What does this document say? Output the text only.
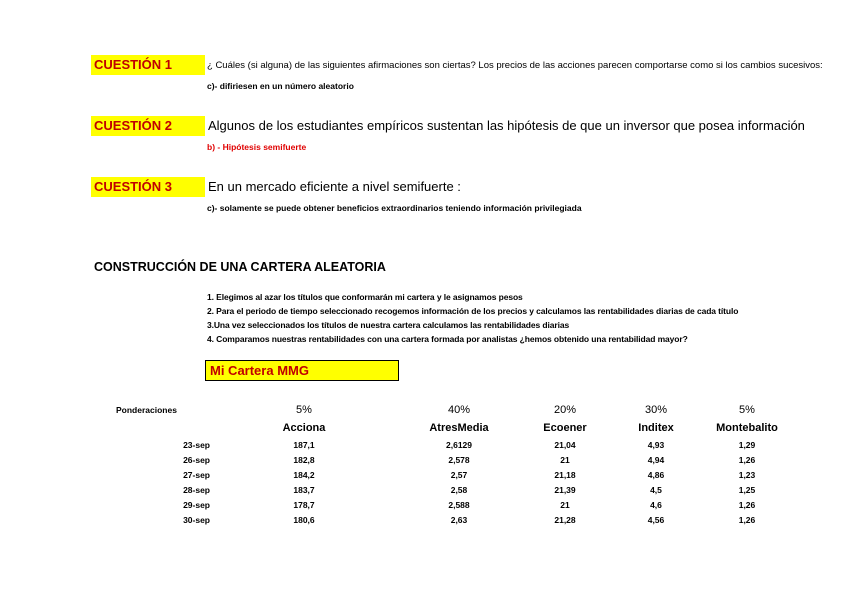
CUESTIÓN 1	¿ Cuáles (si alguna) de las siguientes afirmaciones son ciertas? Los precios de las acciones parecen comportarse como si los cambios sucesivos:
c)- difiriesen en un número aleatorio
CUESTIÓN 2	Algunos de los estudiantes empíricos sustentan las hipótesis de que un inversor que posea información
b) - Hipótesis semifuerte
CUESTIÓN 3	En un mercado eficiente a nivel semifuerte :
c)- solamente se puede obtener beneficios extraordinarios teniendo información privilegiada
CONSTRUCCIÓN DE UNA CARTERA ALEATORIA
1. Elegimos al azar los títulos que conformarán mi cartera y le asignamos pesos
2. Para el periodo de tiempo seleccionado recogemos información de los precios y calculamos las rentabilidades diarias de cada título
3.Una vez seleccionados los títulos de nuestra cartera calculamos las rentabilidades diarias
4. Comparamos nuestras rentabilidades con una cartera formada por analistas ¿hemos obtenido una rentabilidad mayor?
Mi Cartera MMG
Ponderaciones	5%	40%	20%	30%	5%
	Acciona	AtresMedia	Ecoener	Inditex	Montebalito
23-sep	187,1	2,6129	21,04	4,93	1,29
26-sep	182,8	2,578	21	4,94	1,26
27-sep	184,2	2,57	21,18	4,86	1,23
28-sep	183,7	2,58	21,39	4,5	1,25
29-sep	178,7	2,588	21	4,6	1,26
30-sep	180,6	2,63	21,28	4,56	1,26
